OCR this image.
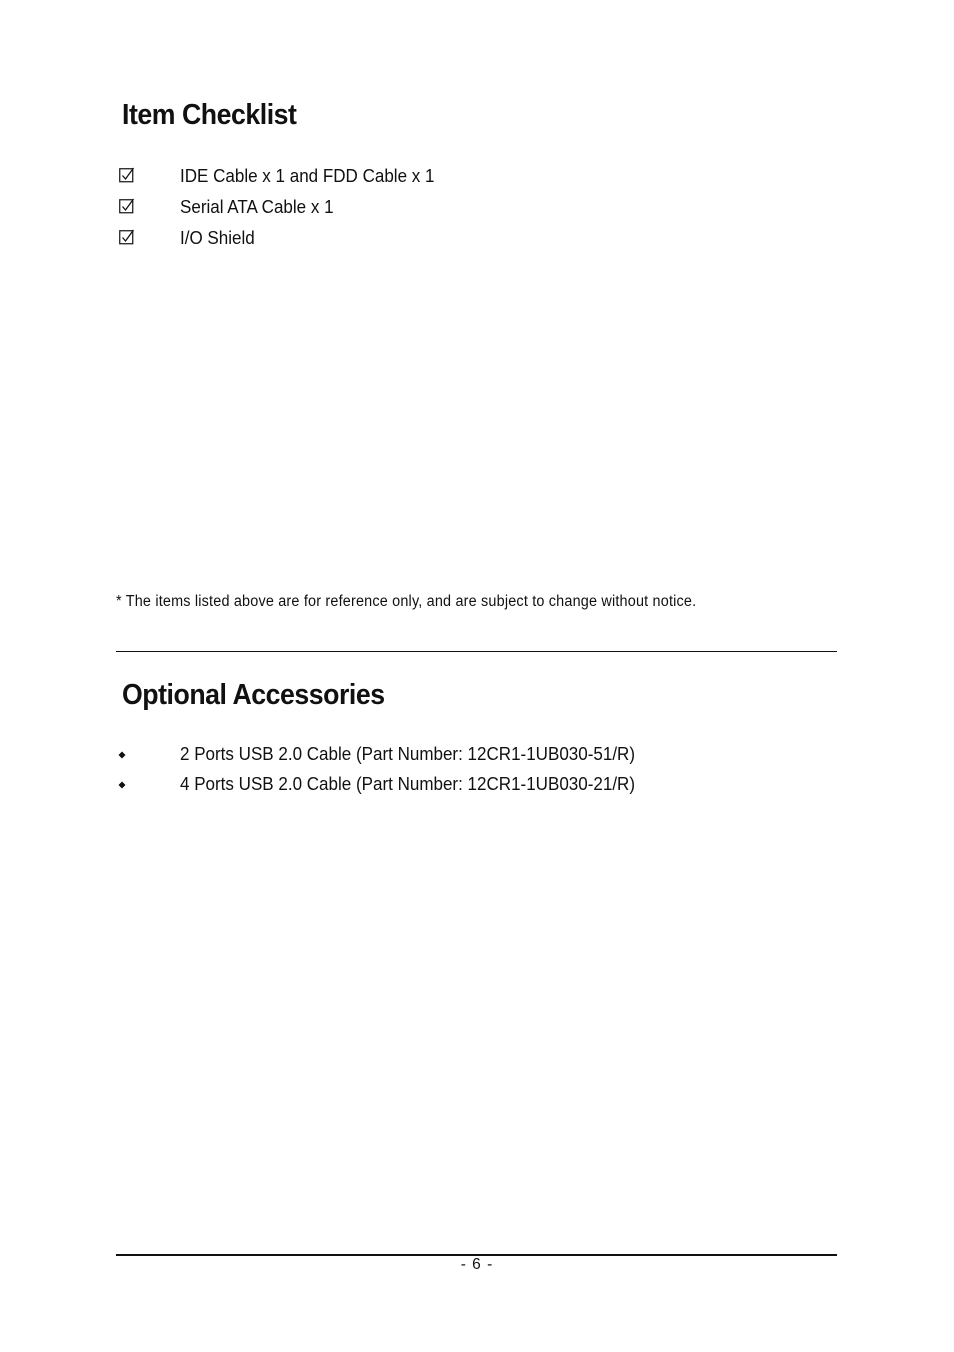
Item Checklist
IDE Cable x 1 and FDD Cable x 1
Serial ATA Cable x 1
I/O Shield
* The items listed above are for reference only, and are subject to change without notice.
Optional Accessories
2 Ports USB 2.0 Cable (Part Number: 12CR1-1UB030-51/R)
4 Ports USB 2.0 Cable (Part Number: 12CR1-1UB030-21/R)
- 6 -
